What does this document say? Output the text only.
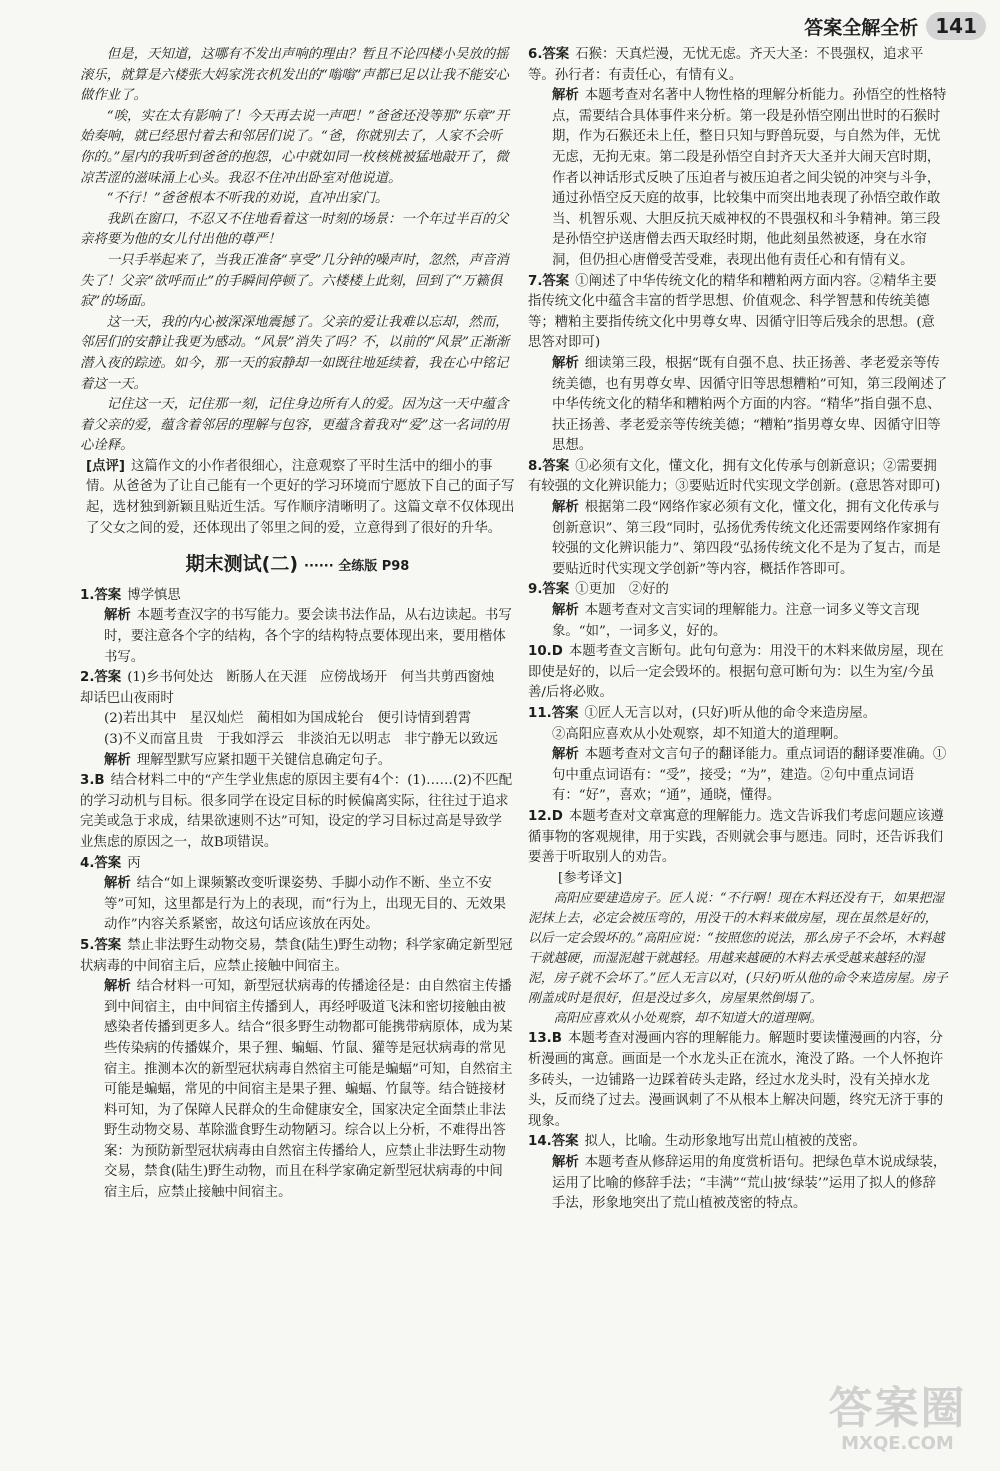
答案全解全析 141

但是，天知道，这哪有不发出声响的理由？暂且不论四楼小吴放的摇滚乐，就算是六楼张大妈家洗衣机发出的“嗡嗡”声都已足以让我不能安心做作业了。

“唉，实在太有影响了！今天再去说一声吧！”爸爸还没等那“乐章”开始奏响，就已经思忖着去和邻居们说了。“爸，你就别去了，人家不会听你的。”屋内的我听到爸爸的抱怨，心中就如同一枚核桃被猛地敲开了，微凉苦涩的滋味涌上心头。我忍不住冲出卧室对他说道。

“不行！”爸爸根本不听我的劝说，直冲出家门。

我趴在窗口，不忍又不住地看着这一时刻的场景：一个年过半百的父亲将要为他的女儿付出他的尊严！

一只手举起来了，当我正准备“享受”几分钟的噪声时，忽然，声音消失了！父亲“欲呼而止”的手瞬间停顿了。六楼楼上此刻，回到了“万籁俱寂”的场面。

这一天，我的内心被深深地震撼了。父亲的爱让我难以忘却，然而，邻居们的安静让我更为感动。“风景”消失了吗？不，以前的“风景”正渐渐潜入夜的踪迹。如今，那一天的寂静却一如既往地延续着，我在心中铭记着这一天。

记住这一天，记住那一刻，记住身边所有人的爱。因为这一天中蕴含着父亲的爱，蕴含着邻居的理解与包容，更蕴含着我对“爱”这一名词的用心诠释。

[点评] 这篇作文的小作者很细心，注意观察了平时生活中的细小的事情。从爸爸为了让自己能有一个更好的学习环境而宁愿放下自己的面子写起，选材独到新颖且贴近生活。写作顺序清晰明了。这篇文章不仅体现出了父女之间的爱，还体现出了邻里之间的爱，立意得到了很好的升华。

期末测试(二) ······ 全练版 P98

1.答案 博学慎思

解析 本题考查汉字的书写能力。要会读书法作品，从右边读起。书写时，要注意各个字的结构，各个字的结构特点要体现出来，要用楷体书写。

2.答案 (1)乡书何处达　断肠人在天涯　应傍战场开　何当共剪西窗烛　却话巴山夜雨时

(2)若出其中　星汉灿烂　蔺相如为国成轮台　便引诗情到碧霄

(3)不义而富且贵　于我如浮云　非淡泊无以明志　非宁静无以致远

解析 理解型默写应紧扣题干关键信息确定句子。

3.B 结合材料二中的“产生学业焦虑的原因主要有4个：(1)……(2)不匹配的学习动机与目标。很多同学在设定目标的时候偏离实际，往往过于追求完美或急于求成，结果欲速则不达”可知，设定的学习目标过高是导致学业焦虑的原因之一，故B项错误。

4.答案 丙

解析 结合“如上课频繁改变听课姿势、手脚小动作不断、坐立不安等”可知，这里都是行为上的表现，而“行为上，出现无目的、无效果动作”内容关系紧密，故这句话应该放在丙处。

5.答案 禁止非法野生动物交易，禁食(陆生)野生动物；科学家确定新型冠状病毒的中间宿主后，应禁止接触中间宿主。

解析 结合材料一可知，新型冠状病毒的传播途径是：由自然宿主传播到中间宿主，由中间宿主传播到人，再经呼吸道飞沫和密切接触由被感染者传播到更多人。结合“很多野生动物都可能携带病原体，成为某些传染病的传播媒介，果子狸、蝙蝠、竹鼠、獾等是冠状病毒的常见宿主。推测本次的新型冠状病毒自然宿主可能是蝙蝠”可知，自然宿主可能是蝙蝠，常见的中间宿主是果子狸、蝙蝠、竹鼠等。结合链接材料可知，为了保障人民群众的生命健康安全，国家决定全面禁止非法野生动物交易、革除滥食野生动物陋习。综合以上分析，不难得出答案：为预防新型冠状病毒由自然宿主传播给人，应禁止非法野生动物交易，禁食(陆生)野生动物，而且在科学家确定新型冠状病毒的中间宿主后，应禁止接触中间宿主。

6.答案 石猴：天真烂漫，无忧无虑。齐天大圣：不畏强权，追求平等。孙行者：有责任心，有情有义。

解析 本题考查对名著中人物性格的理解分析能力。孙悟空的性格特点，需要结合具体事件来分析。第一段是孙悟空刚出世时的石猴时期，作为石猴还未上任，整日只知与野兽玩耍，与自然为伴，无忧无虑，无拘无束。第二段是孙悟空自封齐天大圣并大闹天宫时期，作者以神话形式反映了压迫者与被压迫者之间尖锐的冲突与斗争，通过孙悟空反天庭的故事，比较集中而突出地表现了孙悟空敢作敢当、机智乐观、大胆反抗天威神权的不畏强权和斗争精神。第三段是孙悟空护送唐僧去西天取经时期，他此刻虽然被逐，身在水帘洞，但仍担心唐僧受苦受难，表现出他有责任心和有情有义。

7.答案 ①阐述了中华传统文化的精华和糟粕两方面内容。②精华主要指传统文化中蕴含丰富的哲学思想、价值观念、科学智慧和传统美德等；糟粕主要指传统文化中男尊女卑、因循守旧等后残余的思想。(意思答对即可)

解析 细读第三段，根据“既有自强不息、扶正扬善、孝老爱亲等传统美德，也有男尊女卑、因循守旧等思想糟粕”可知，第三段阐述了中华传统文化的精华和糟粕两个方面的内容。“精华”指自强不息、扶正扬善、孝老爱亲等传统美德；“糟粕”指男尊女卑、因循守旧等思想。

8.答案 ①必须有文化，懂文化，拥有文化传承与创新意识；②需要拥有较强的文化辨识能力；③要贴近时代实现文学创新。(意思答对即可)

解析 根据第二段“网络作家必须有文化，懂文化，拥有文化传承与创新意识”、第三段“同时，弘扬优秀传统文化还需要网络作家拥有较强的文化辨识能力”、第四段“弘扬传统文化不是为了复古，而是要贴近时代实现文学创新”等内容，概括作答即可。

9.答案 ①更加　②好的

解析 本题考查对文言实词的理解能力。注意一词多义等文言现象。“如”，一词多义，好的。

10.D 本题考查文言断句。此句句意为：用没干的木料来做房屋，现在即使是好的，以后一定会毁坏的。根据句意可断句为：以生为室/今虽善/后将必败。

11.答案 ①匠人无言以对，(只好)听从他的命令来造房屋。

②高阳应喜欢从小处观察，却不知道大的道理啊。

解析 本题考查对文言句子的翻译能力。重点词语的翻译要准确。①句中重点词语有：“受”，接受；“为”，建造。②句中重点词语有：“好”，喜欢；“通”，通晓，懂得。

12.D 本题考查对文章寓意的理解能力。选文告诉我们考虑问题应该遵循事物的客观规律，用于实践，否则就会事与愿违。同时，还告诉我们要善于听取别人的劝告。

[参考译文]
高阳应要建造房子。匠人说：“不行啊！现在木料还没有干，如果把湿泥抹上去，必定会被压弯的，用没干的木料来做房屋，现在虽然是好的，以后一定会毁坏的。”高阳应说：“按照您的说法，那么房子不会坏，木料越干就越硬，而湿泥越干就越轻。用越来越硬的木料去承受越来越轻的湿泥，房子就不会坏了。”匠人无言以对，(只好)听从他的命令来造房屋。房子刚盖成时是很好，但是没过多久，房屋果然倒塌了。
高阳应喜欢从小处观察，却不知道大的道理啊。

13.B 本题考查对漫画内容的理解能力。解题时要读懂漫画的内容，分析漫画的寓意。画面是一个水龙头正在流水，淹没了路。一个人怀抱许多砖头，一边铺路一边踩着砖头走路，经过水龙头时，没有关掉水龙头，反而绕了过去。漫画讽刺了不从根本上解决问题，终究无济于事的现象。

14.答案 拟人，比喻。生动形象地写出荒山植被的茂密。

解析 本题考查从修辞运用的角度赏析语句。把绿色草木说成绿装，运用了比喻的修辞手法；“丰满”“荒山披‘绿装’”运用了拟人的修辞手法，形象地突出了荒山植被茂密的特点。

答案圈
MXQE.COM
